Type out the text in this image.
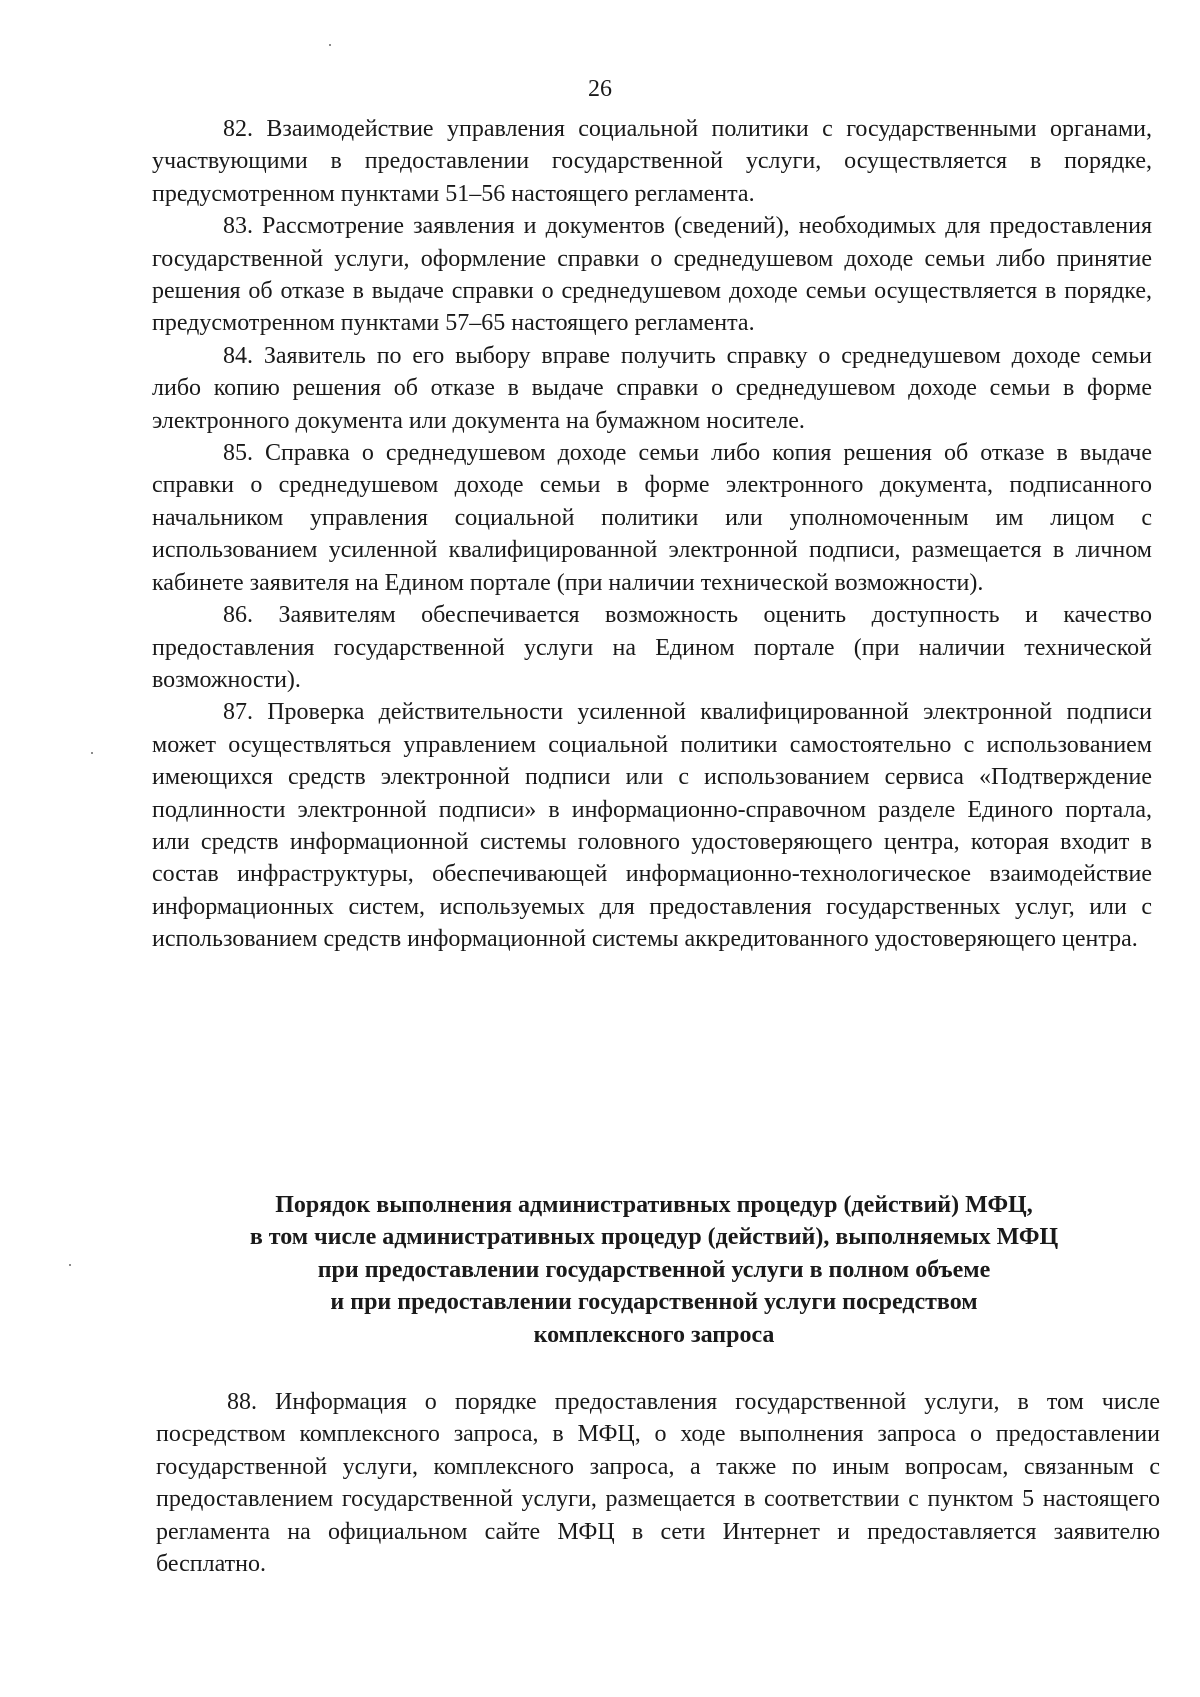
26

82. Взаимодействие управления социальной политики с государственными органами, участвующими в предоставлении государственной услуги, осуществляется в порядке, предусмотренном пунктами 51–56 настоящего регламента.

83. Рассмотрение заявления и документов (сведений), необходимых для предоставления государственной услуги, оформление справки о среднедушевом доходе семьи либо принятие решения об отказе в выдаче справки о среднедушевом доходе семьи осуществляется в порядке, предусмотренном пунктами 57–65 настоящего регламента.

84. Заявитель по его выбору вправе получить справку о среднедушевом доходе семьи либо копию решения об отказе в выдаче справки о среднедушевом доходе семьи в форме электронного документа или документа на бумажном носителе.

85. Справка о среднедушевом доходе семьи либо копия решения об отказе в выдаче справки о среднедушевом доходе семьи в форме электронного документа, подписанного начальником управления социальной политики или уполномоченным им лицом с использованием усиленной квалифицированной электронной подписи, размещается в личном кабинете заявителя на Едином портале (при наличии технической возможности).

86. Заявителям обеспечивается возможность оценить доступность и качество предоставления государственной услуги на Едином портале (при наличии технической возможности).

87. Проверка действительности усиленной квалифицированной электронной подписи может осуществляться управлением социальной политики самостоятельно с использованием имеющихся средств электронной подписи или с использованием сервиса «Подтверждение подлинности электронной подписи» в информационно-справочном разделе Единого портала, или средств информационной системы головного удостоверяющего центра, которая входит в состав инфраструктуры, обеспечивающей информационно-технологическое взаимодействие информационных систем, используемых для предоставления государственных услуг, или с использованием средств информационной системы аккредитованного удостоверяющего центра.

Порядок выполнения административных процедур (действий) МФЦ,
в том числе административных процедур (действий), выполняемых МФЦ
при предоставлении государственной услуги в полном объеме
и при предоставлении государственной услуги посредством
комплексного запроса

88. Информация о порядке предоставления государственной услуги, в том числе посредством комплексного запроса, в МФЦ, о ходе выполнения запроса о предоставлении государственной услуги, комплексного запроса, а также по иным вопросам, связанным с предоставлением государственной услуги, размещается в соответствии с пунктом 5 настоящего регламента на официальном сайте МФЦ в сети Интернет и предоставляется заявителю бесплатно.
